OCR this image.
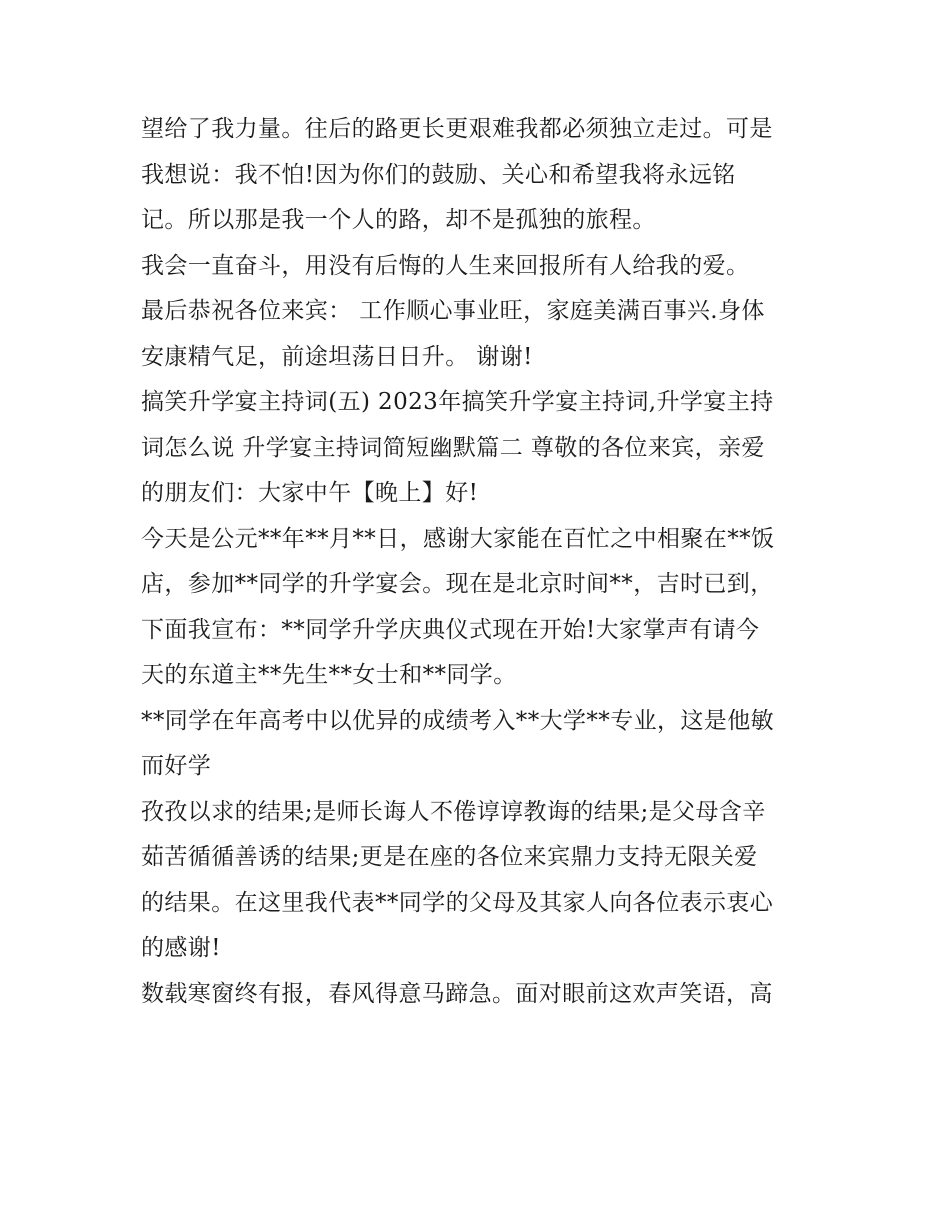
望给了我力量。往后的路更长更艰难我都必须独立走过。可是
我想说：我不怕!因为你们的鼓励、关心和希望我将永远铭
记。所以那是我一个人的路，却不是孤独的旅程。
我会一直奋斗，用没有后悔的人生来回报所有人给我的爱。
最后恭祝各位来宾： 工作顺心事业旺，家庭美满百事兴.身体
安康精气足，前途坦荡日日升。 谢谢!
搞笑升学宴主持词(五) 2023年搞笑升学宴主持词,升学宴主持
词怎么说 升学宴主持词简短幽默篇二 尊敬的各位来宾，亲爱
的朋友们：大家中午【晚上】好!
今天是公元**年**月**日，感谢大家能在百忙之中相聚在**饭
店，参加**同学的升学宴会。现在是北京时间**，吉时已到，
下面我宣布：**同学升学庆典仪式现在开始!大家掌声有请今
天的东道主**先生**女士和**同学。
**同学在年高考中以优异的成绩考入**大学**专业，这是他敏
而好学
孜孜以求的结果;是师长诲人不倦谆谆教诲的结果;是父母含辛
茹苦循循善诱的结果;更是在座的各位来宾鼎力支持无限关爱
的结果。在这里我代表**同学的父母及其家人向各位表示衷心
的感谢!
数载寒窗终有报，春风得意马蹄急。面对眼前这欢声笑语，高
